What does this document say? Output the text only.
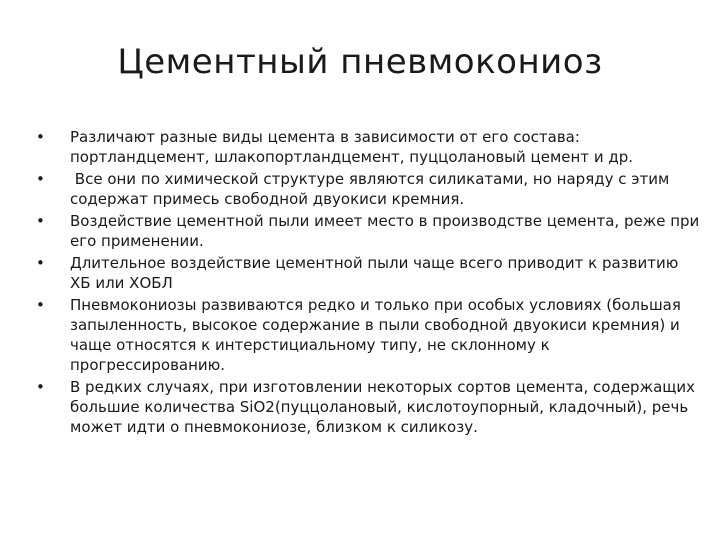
Цементный пневмокониоз
•	Различают разные виды цемента в зависимости от его состава: портландцемент, шлакопортландцемент, пуццолановый цемент и др.
•	Все они по химической структуре являются силикатами, но наряду с этим содержат примесь свободной двуокиси кремния.
•	Воздействие цементной пыли имеет место в производстве цемента, реже при его применении.
•	Длительное воздействие цементной пыли чаще всего приводит к развитию ХБ или ХОБЛ
•	Пневмокониозы развиваются редко и только при особых условиях (большая запыленность, высокое содержание в пыли свободной двуокиси кремния) и чаще относятся к интерстициальному типу, не склонному к прогрессированию.
•	В редких случаях, при изготовлении некоторых сортов цемента, содержащих большие количества SiO2(пуццолановый, кислотоупорный, кладочный), речь может идти о пневмокониозе, близком к силикозу.
